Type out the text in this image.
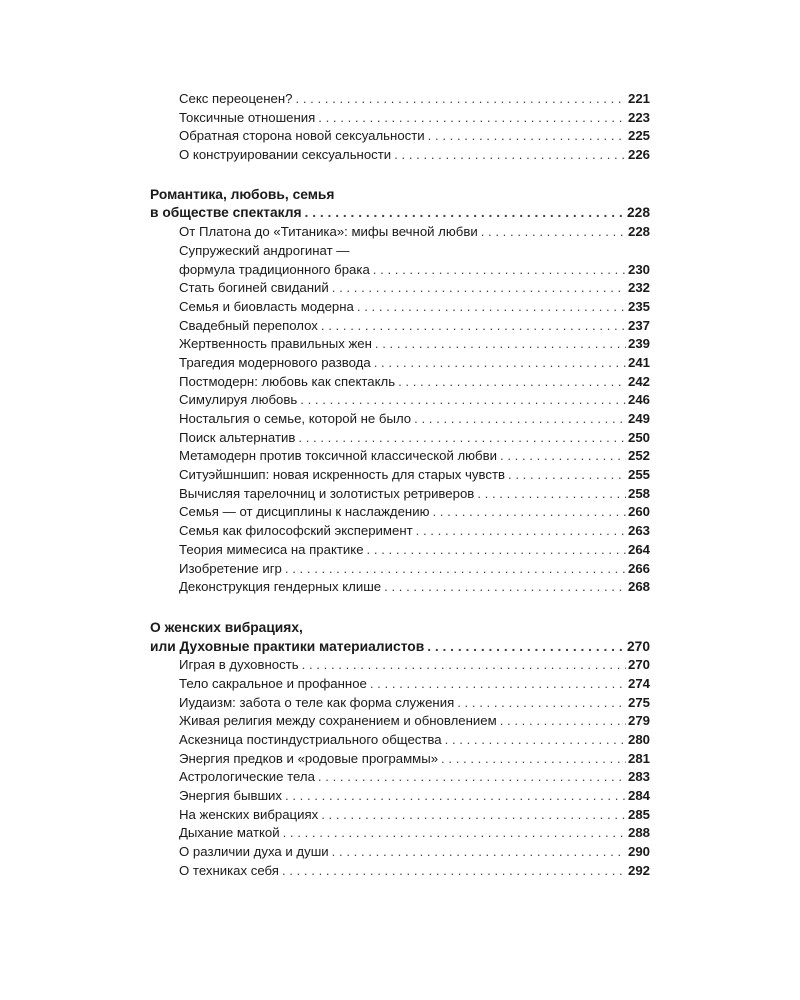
Секс переоценен? . . .	221
Токсичные отношения . . .	223
Обратная сторона новой сексуальности . . .	225
О конструировании сексуальности . . .	226
Романтика, любовь, семья
в обществе спектакля . . .	228
От Платона до «Титаника»: мифы вечной любви . . .	228
Супружеский андрогинат —
формула традиционного брака . . .	230
Стать богиней свиданий . . .	232
Семья и биовласть модерна . . .	235
Свадебный переполох . . .	237
Жертвенность правильных жен . . .	239
Трагедия модернового развода . . .	241
Постмодерн: любовь как спектакль . . .	242
Симулируя любовь . . .	246
Ностальгия о семье, которой не было . . .	249
Поиск альтернатив . . .	250
Метамодерн против токсичной классической любви . . .	252
Ситуэйшншип: новая искренность для старых чувств . . .	255
Вычисляя тарелочниц и золотистых ретриверов . . .	258
Семья — от дисциплины к наслаждению . . .	260
Семья как философский эксперимент . . .	263
Теория мимесиса на практике . . .	264
Изобретение игр . . .	266
Деконструкция гендерных клише . . .	268
О женских вибрациях,
или Духовные практики материалистов . . .	270
Играя в духовность . . .	270
Тело сакральное и профанное . . .	274
Иудаизм: забота о теле как форма служения . . .	275
Живая религия между сохранением и обновлением . . .	279
Аскезница постиндустриального общества . . .	280
Энергия предков и «родовые программы» . . .	281
Астрологические тела . . .	283
Энергия бывших . . .	284
На женских вибрациях . . .	285
Дыхание маткой . . .	288
О различии духа и души . . .	290
О техниках себя . . .	292
